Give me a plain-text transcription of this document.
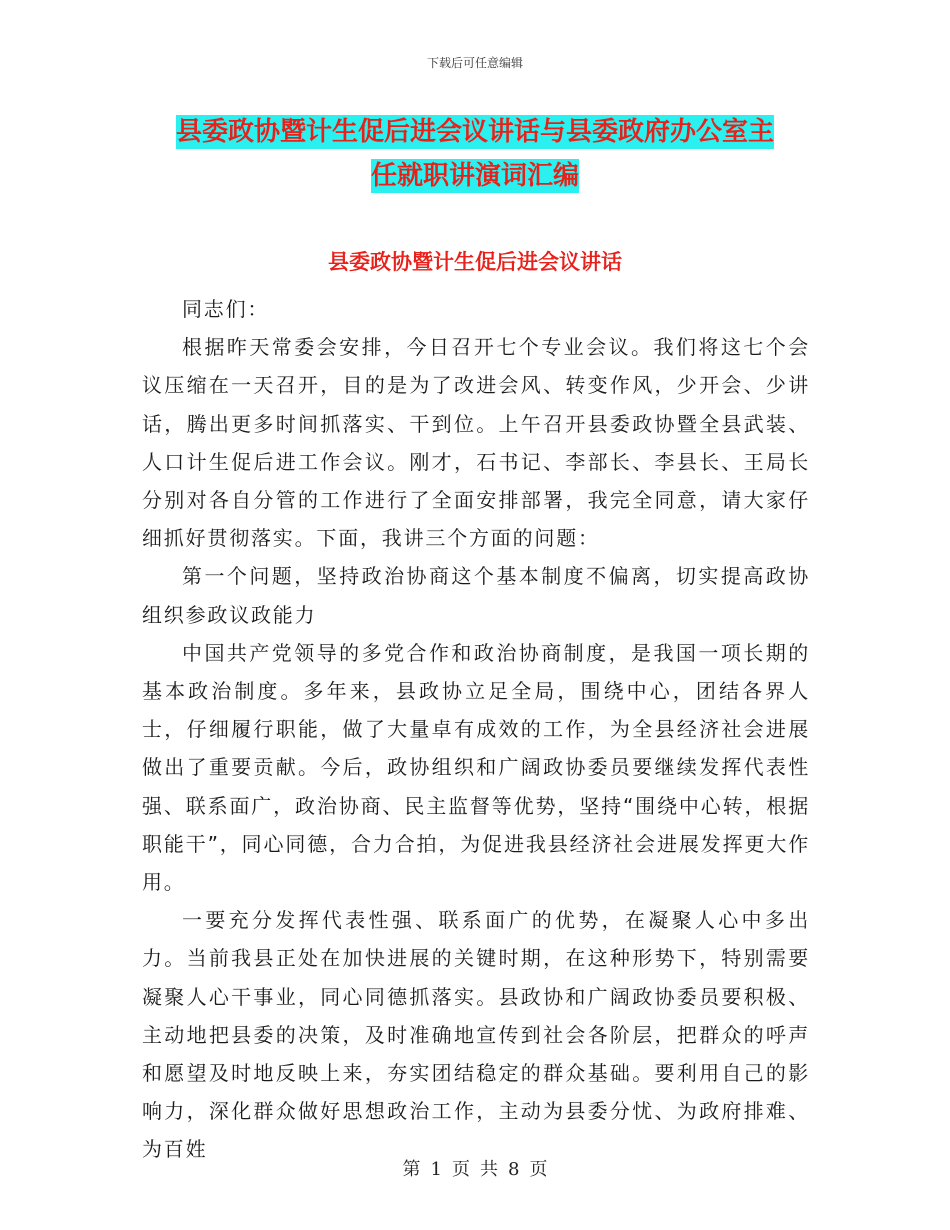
下载后可任意编辑
县委政协暨计生促后进会议讲话与县委政府办公室主
任就职讲演词汇编
县委政协暨计生促后进会议讲话

同志们：

根据昨天常委会安排，今日召开七个专业会议。我们将这七个会议压缩在一天召开，目的是为了改进会风、转变作风，少开会、少讲话，腾出更多时间抓落实、干到位。上午召开县委政协暨全县武装、人口计生促后进工作会议。刚才，石书记、李部长、李县长、王局长分别对各自分管的工作进行了全面安排部署，我完全同意，请大家仔细抓好贯彻落实。下面，我讲三个方面的问题：

第一个问题，坚持政治协商这个基本制度不偏离，切实提高政协组织参政议政能力

中国共产党领导的多党合作和政治协商制度，是我国一项长期的基本政治制度。多年来，县政协立足全局，围绕中心，团结各界人士，仔细履行职能，做了大量卓有成效的工作，为全县经济社会进展做出了重要贡献。今后，政协组织和广阔政协委员要继续发挥代表性强、联系面广，政治协商、民主监督等优势，坚持“围绕中心转，根据职能干”，同心同德，合力合拍，为促进我县经济社会进展发挥更大作用。

一要充分发挥代表性强、联系面广的优势，在凝聚人心中多出力。当前我县正处在加快进展的关键时期，在这种形势下，特别需要凝聚人心干事业，同心同德抓落实。县政协和广阔政协委员要积极、主动地把县委的决策，及时准确地宣传到社会各阶层，把群众的呼声和愿望及时地反映上来，夯实团结稳定的群众基础。要利用自己的影响力，深化群众做好思想政治工作，主动为县委分忧、为政府排难、为百姓

第 1 页 共 8 页
